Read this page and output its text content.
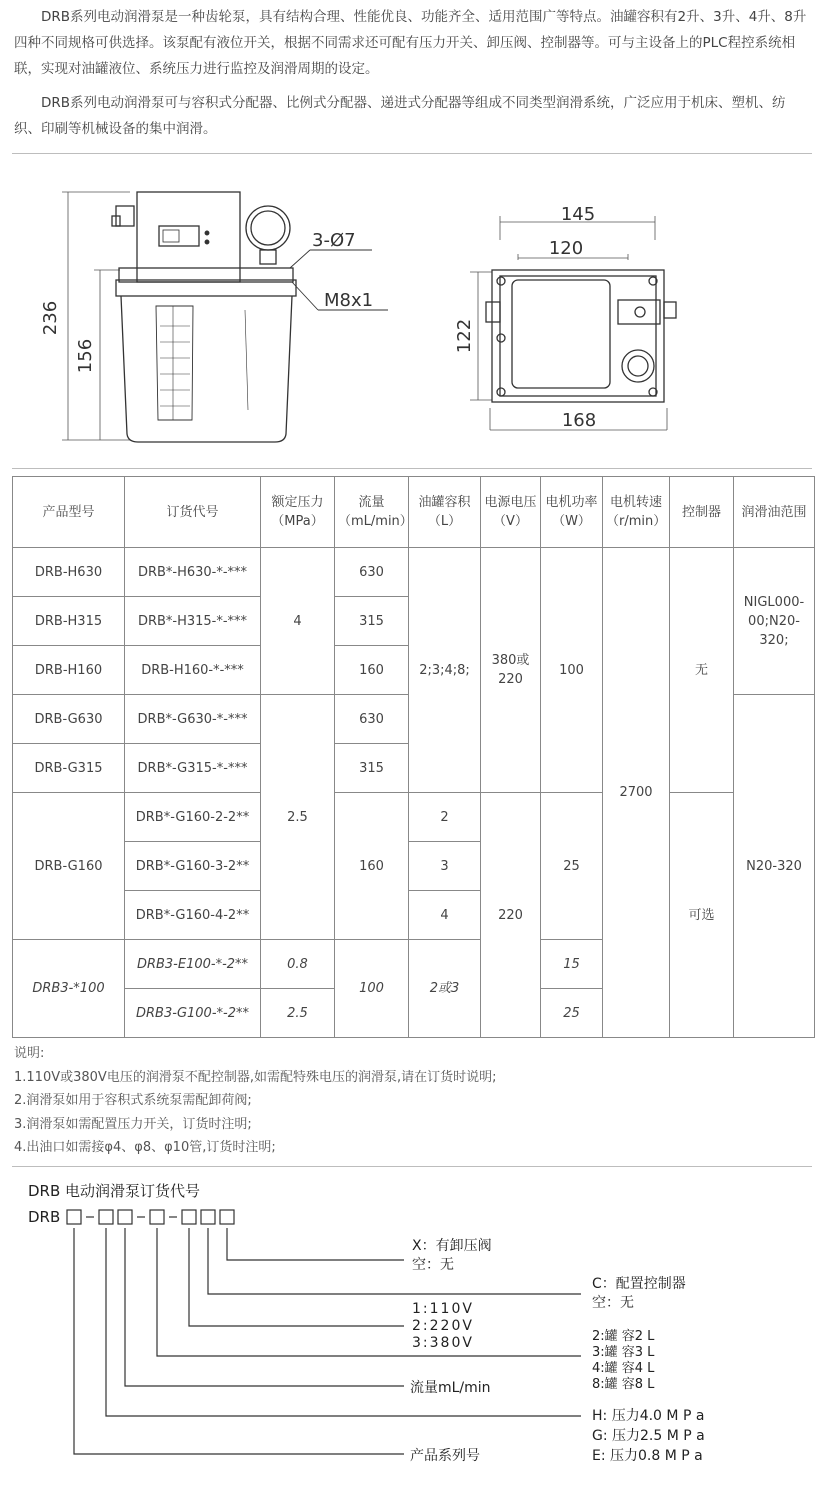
DRB系列电动润滑泵是一种齿轮泵，具有结构合理、性能优良、功能齐全、适用范围广等特点。油罐容积有2升、3升、4升、8升四种不同规格可供选择。该泵配有液位开关，根据不同需求还可配有压力开关、卸压阀、控制器等。可与主设备上的PLC程控系统相联，实现对油罐液位、系统压力进行监控及润滑周期的设定。

DRB系列电动润滑泵可与容积式分配器、比例式分配器、递进式分配器等组成不同类型润滑系统，广泛应用于机床、塑机、纺织、印刷等机械设备的集中润滑。

236
156
3-Ø7
M8x1
145
120
122
168
产品型号	订货代号	额定压力（MPa）	流量（mL/min）	油罐容积（L）	电源电压（V）	电机功率（W）	电机转速（r/min）	控制器	润滑油范围
DRB-H630	DRB*-H630-*-***	4	630	2;3;4;8;	380或220	100	2700	无	NIGL000-00;N20-320;
DRB-H315	DRB*-H315-*-***		315						
DRB-H160	DRB-H160-*-***		160						
DRB-G630	DRB*-G630-*-***	2.5	630						N20-320
DRB-G315	DRB*-G315-*-***		315						
DRB-G160	DRB*-G160-2-2**		160	2	220	25		可选	
	DRB*-G160-3-2**			3					
	DRB*-G160-4-2**			4					
DRB3-*100	DRB3-E100-*-2**	0.8	100	2或3		15			
	DRB3-G100-*-2**	2.5				25			
说明:
1.110V或380V电压的润滑泵不配控制器,如需配特殊电压的润滑泵,请在订货时说明;
2.润滑泵如用于容积式系统泵需配卸荷阀;
3.润滑泵如需配置压力开关，订货时注明;
4.出油口如需接φ4、φ8、φ10管,订货时注明;
DRB 电动润滑泵订货代号
DRB
X：有卸压阀
空：无
C：配置控制器
空：无
1:110V
2:220V
3:380V	2:罐 容2 L
3:罐 容3 L
4:罐 容4 L
8:罐 容8 L
流量mL/min
H: 压力4.0 M P a
G: 压力2.5 M P a
E: 压力0.8 M P a
产品系列号
